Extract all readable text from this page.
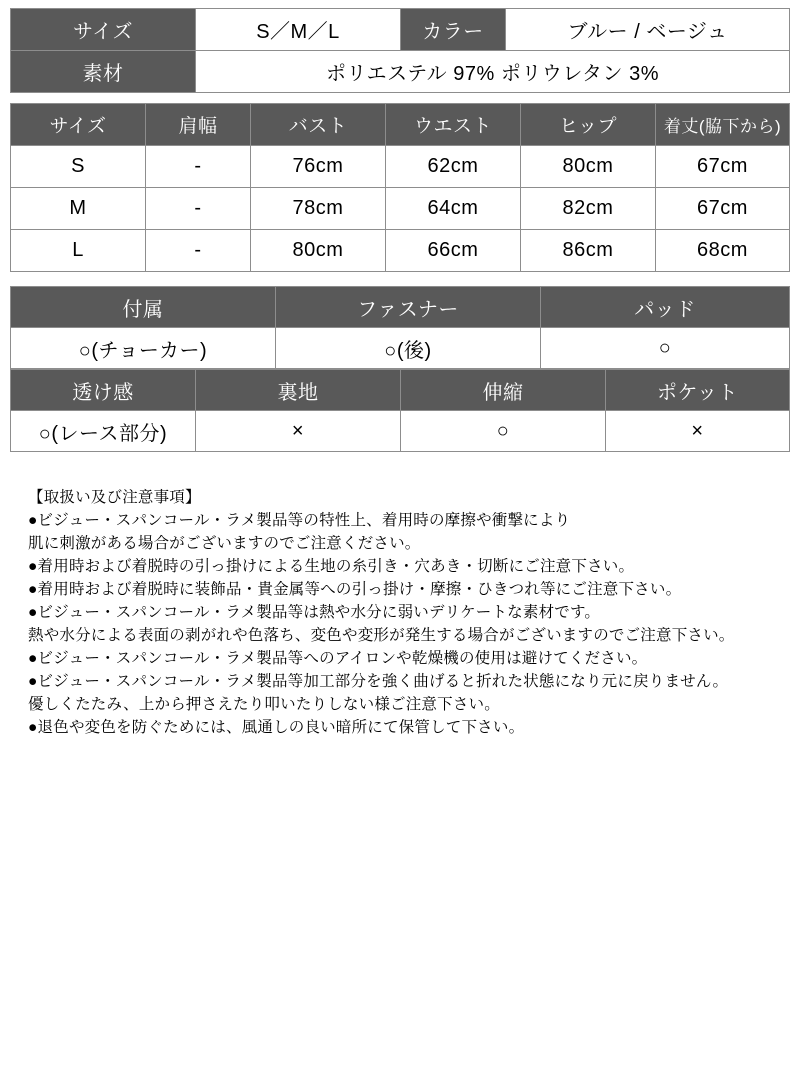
サイズ	S／M／L	カラー	ブルー / ベージュ
素材	ポリエステル 97% ポリウレタン 3%		
サイズ	肩幅	バスト	ウエスト	ヒップ	着丈(脇下から)
S	-	76cm	62cm	80cm	67cm
M	-	78cm	64cm	82cm	67cm
L	-	80cm	66cm	86cm	68cm
付属	ファスナー	パッド
○(チョーカー)	○(後)	○
透け感	裏地	伸縮	ポケット
○(レース部分)	×	○	×
【取扱い及び注意事項】
●ビジュー・スパンコール・ラメ製品等の特性上、着用時の摩擦や衝撃により
肌に刺激がある場合がございますのでご注意ください。
●着用時および着脱時の引っ掛けによる生地の糸引き・穴あき・切断にご注意下さい。
●着用時および着脱時に装飾品・貴金属等への引っ掛け・摩擦・ひきつれ等にご注意下さい。
●ビジュー・スパンコール・ラメ製品等は熱や水分に弱いデリケートな素材です。
熱や水分による表面の剥がれや色落ち、変色や変形が発生する場合がございますのでご注意下さい。
●ビジュー・スパンコール・ラメ製品等へのアイロンや乾燥機の使用は避けてください。
●ビジュー・スパンコール・ラメ製品等加工部分を強く曲げると折れた状態になり元に戻りません。
優しくたたみ、上から押さえたり叩いたりしない様ご注意下さい。
●退色や変色を防ぐためには、風通しの良い暗所にて保管して下さい。
